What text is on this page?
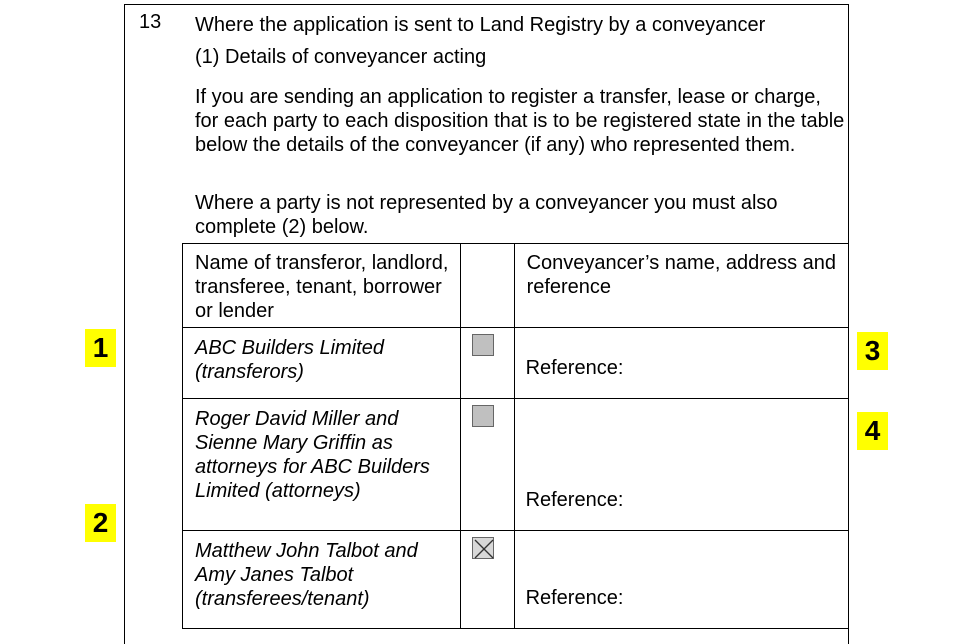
13 Where the application is sent to Land Registry by a conveyancer
(1) Details of conveyancer acting
If you are sending an application to register a transfer, lease or charge, for each party to each disposition that is to be registered state in the table below the details of the conveyancer (if any) who represented them.
Where a party is not represented by a conveyancer you must also complete (2) below.
Name of transferor, landlord, transferee, tenant, borrower or lender		Conveyancer’s name, address and reference

ABC Builders Limited (transferors)		Reference:

Roger David Miller and Sienne Mary Griffin as attorneys for ABC Builders Limited (attorneys)		Reference:

Matthew John Talbot and Amy Janes Talbot (transferees/tenant)		Reference:
1
2
3
4
